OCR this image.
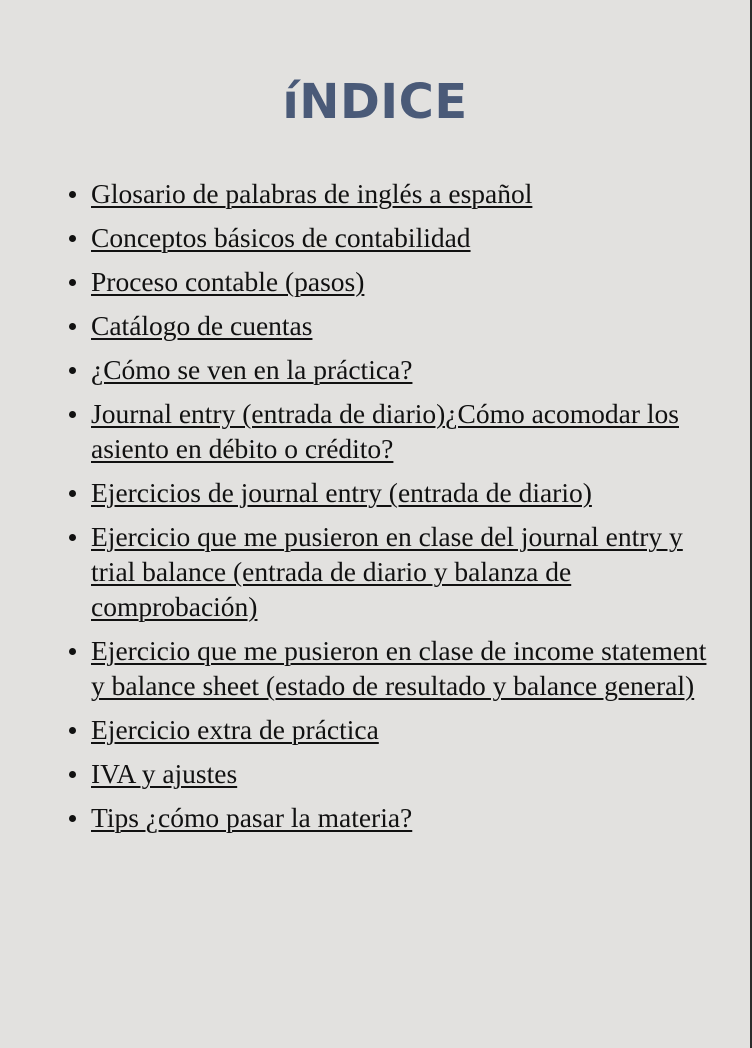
íNDICE
Glosario de palabras de inglés a español
Conceptos básicos de contabilidad
Proceso contable (pasos)
Catálogo de cuentas
¿Cómo se ven en la práctica?
Journal entry (entrada de diario)¿Cómo acomodar los asiento en débito o crédito?
Ejercicios de journal entry (entrada de diario)
Ejercicio que me pusieron en clase del journal entry y trial balance (entrada de diario y balanza de comprobación)
Ejercicio que me pusieron en clase de income statement y balance sheet (estado de resultado y balance general)
Ejercicio extra de práctica
IVA y ajustes
Tips ¿cómo pasar la materia?
